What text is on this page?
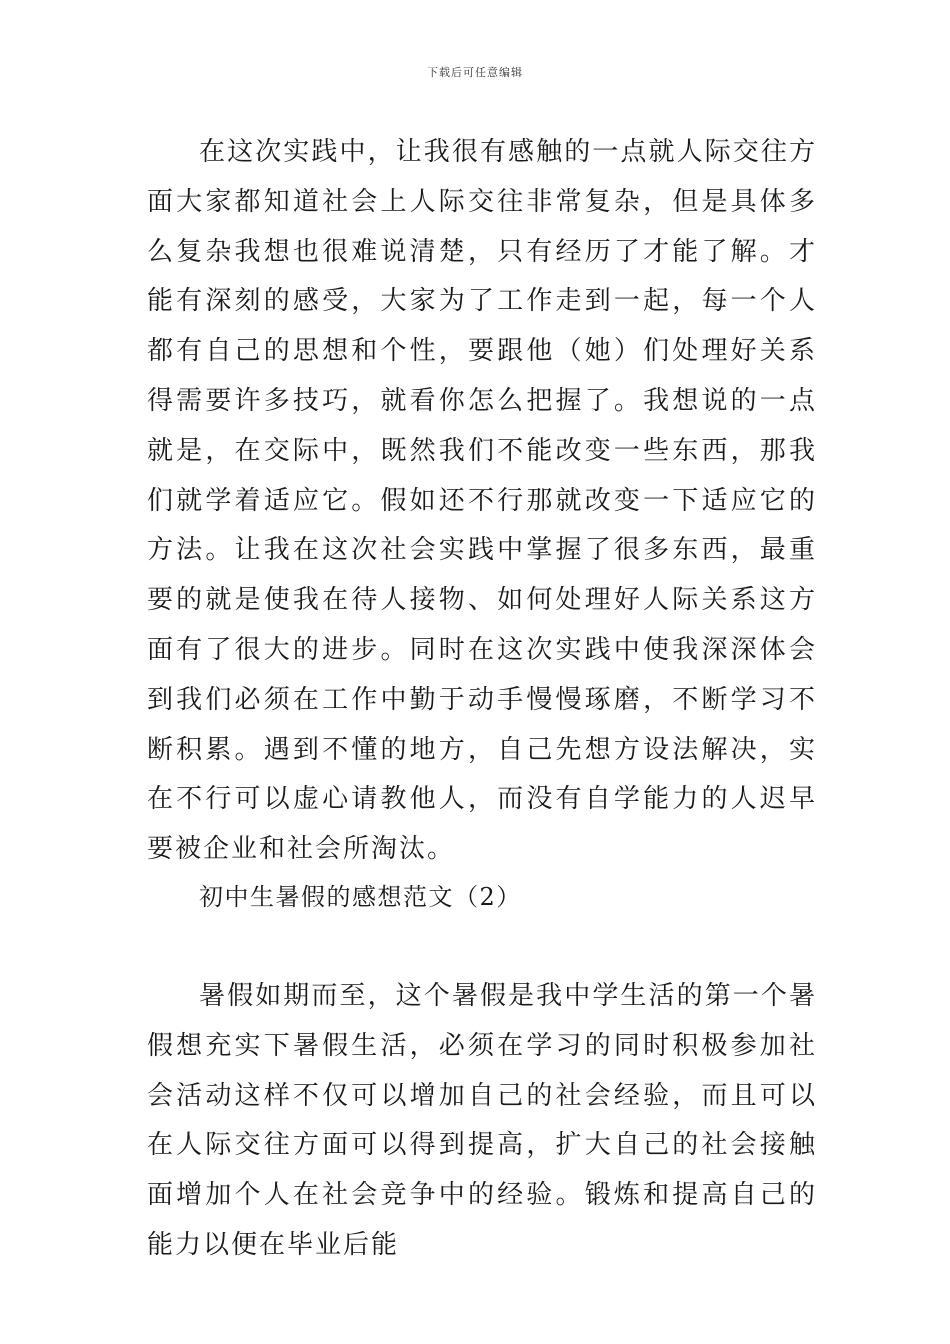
下载后可任意编辑

在这次实践中，让我很有感触的一点就人际交往方面大家都知道社会上人际交往非常复杂，但是具体多么复杂我想也很难说清楚，只有经历了才能了解。才能有深刻的感受，大家为了工作走到一起，每一个人都有自己的思想和个性，要跟他（她）们处理好关系得需要许多技巧，就看你怎么把握了。我想说的一点就是，在交际中，既然我们不能改变一些东西，那我们就学着适应它。假如还不行那就改变一下适应它的方法。让我在这次社会实践中掌握了很多东西，最重要的就是使我在待人接物、如何处理好人际关系这方面有了很大的进步。同时在这次实践中使我深深体会到我们必须在工作中勤于动手慢慢琢磨，不断学习不断积累。遇到不懂的地方，自己先想方设法解决，实在不行可以虚心请教他人，而没有自学能力的人迟早要被企业和社会所淘汰。

初中生暑假的感想范文（2）

暑假如期而至，这个暑假是我中学生活的第一个暑假想充实下暑假生活，必须在学习的同时积极参加社会活动这样不仅可以增加自己的社会经验，而且可以在人际交往方面可以得到提高，扩大自己的社会接触面增加个人在社会竞争中的经验。锻炼和提高自己的能力以便在毕业后能
